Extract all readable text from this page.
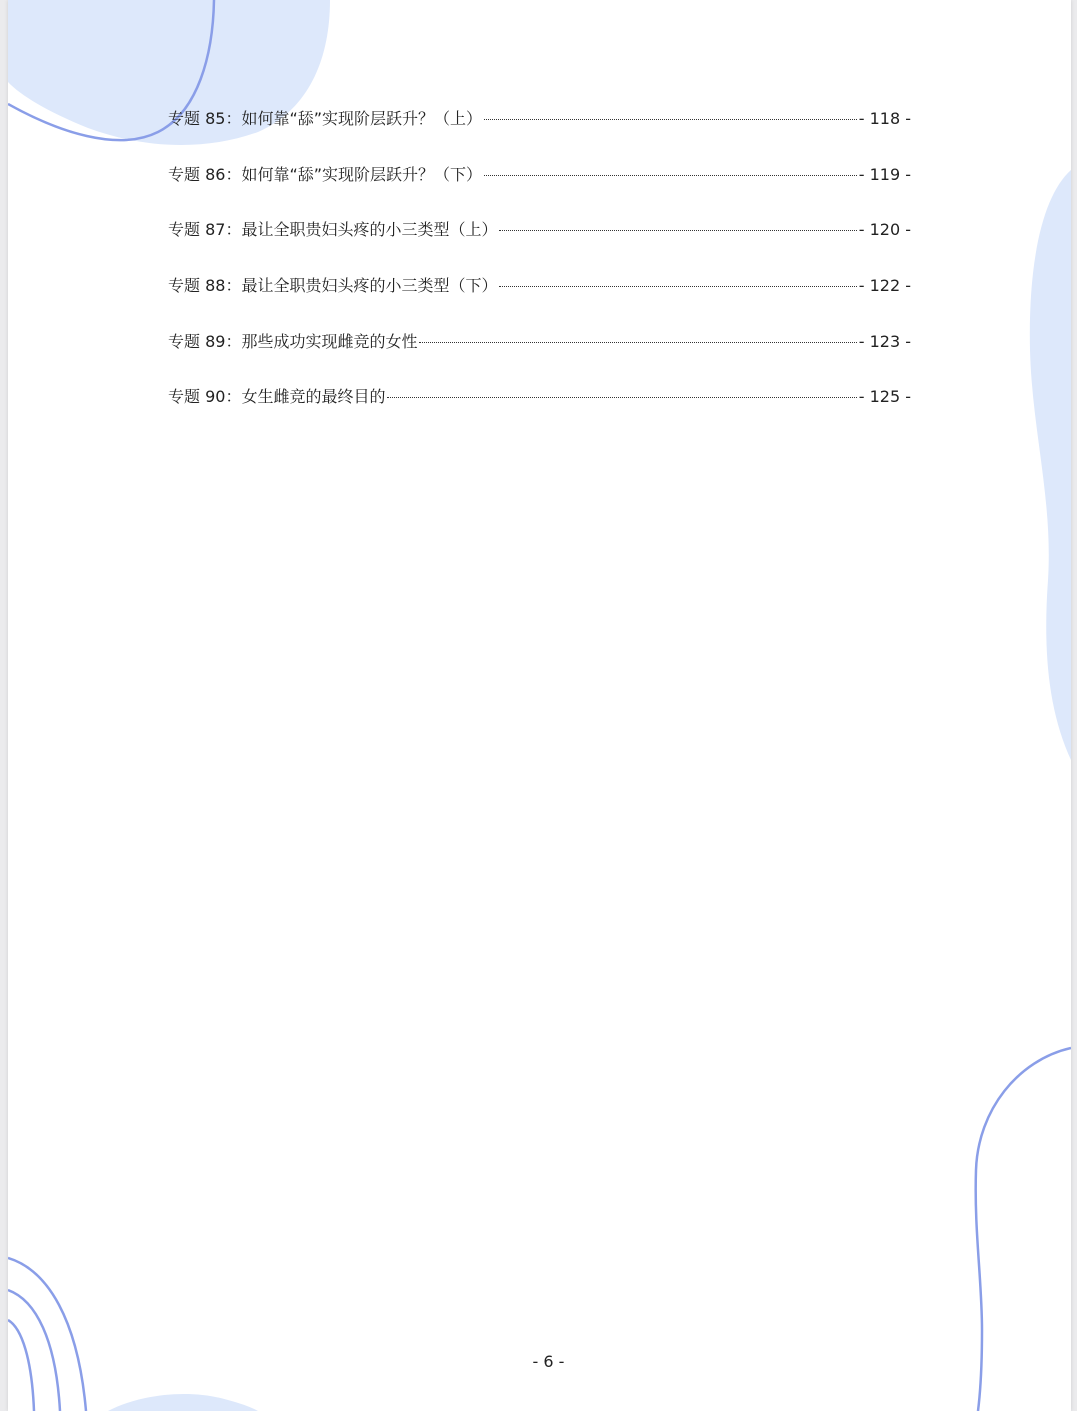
专题 85：如何靠“舔”实现阶层跃升？（上）	- 118 -
专题 86：如何靠“舔”实现阶层跃升？（下）	- 119 -
专题 87：最让全职贵妇头疼的小三类型（上）	- 120 -
专题 88：最让全职贵妇头疼的小三类型（下）	- 122 -
专题 89：那些成功实现雌竞的女性	- 123 -
专题 90：女生雌竞的最终目的	- 125 -
- 6 -
